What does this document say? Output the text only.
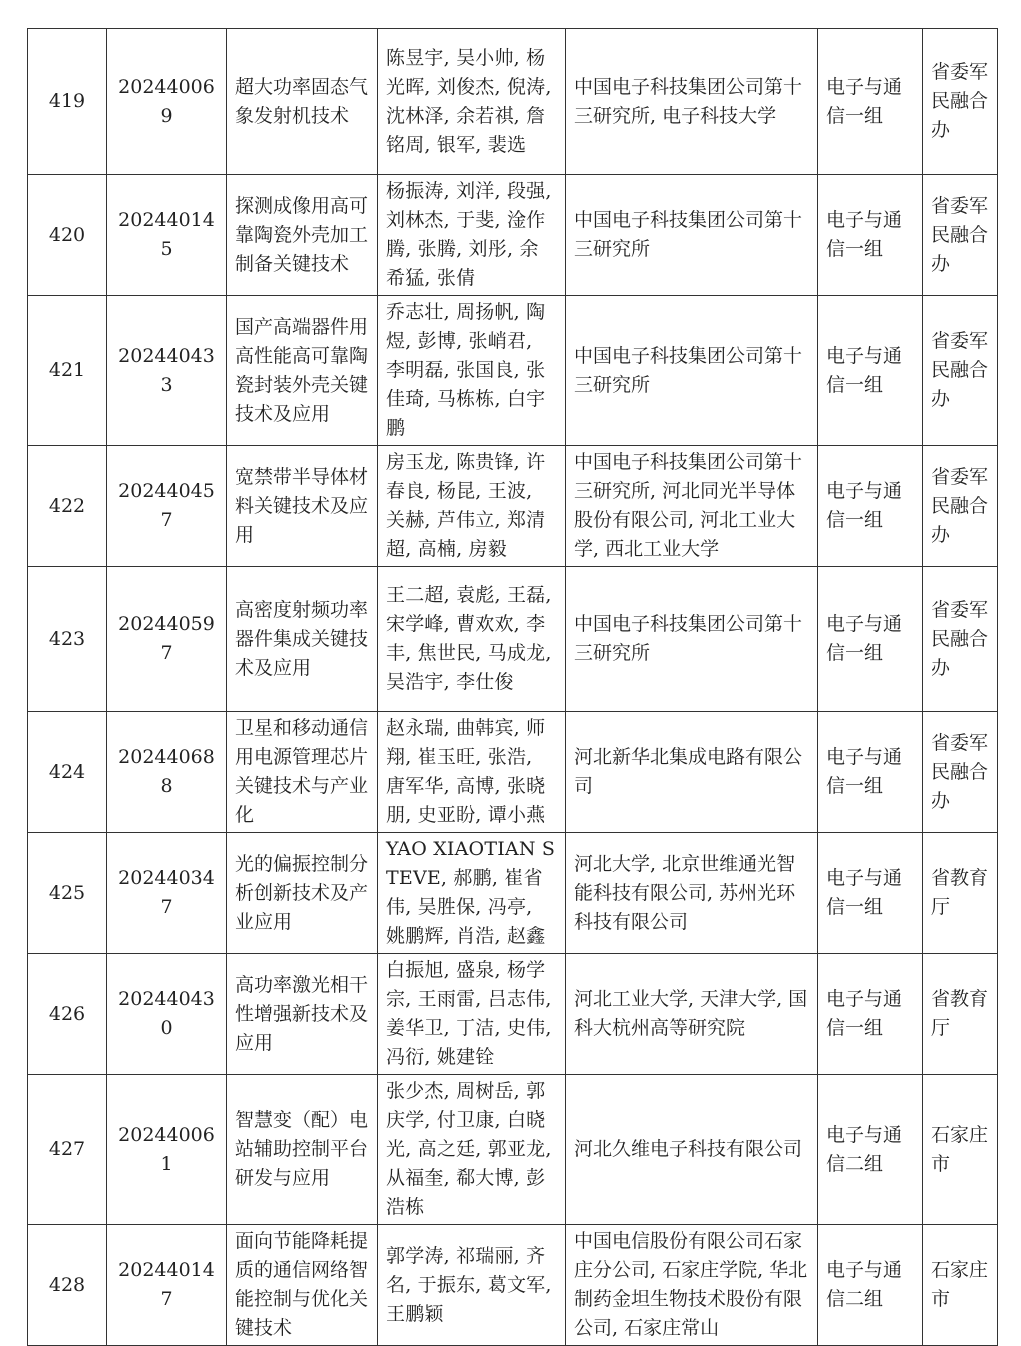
419	202440069	超大功率固态气象发射机技术	陈昱宇, 吴小帅, 杨光晖, 刘俊杰, 倪涛, 沈林泽, 余若祺, 詹铭周, 银军, 裴选	中国电子科技集团公司第十三研究所, 电子科技大学	电子与通信一组	省委军民融合办
420	202440145	探测成像用高可靠陶瓷外壳加工制备关键技术	杨振涛, 刘洋, 段强, 刘林杰, 于斐, 淦作腾, 张腾, 刘彤, 余希猛, 张倩	中国电子科技集团公司第十三研究所	电子与通信一组	省委军民融合办
421	202440433	国产高端器件用高性能高可靠陶瓷封装外壳关键技术及应用	乔志壮, 周扬帆, 陶煜, 彭博, 张峭君, 李明磊, 张国良, 张佳琦, 马栋栋, 白宇鹏	中国电子科技集团公司第十三研究所	电子与通信一组	省委军民融合办
422	202440457	宽禁带半导体材料关键技术及应用	房玉龙, 陈贵锋, 许春良, 杨昆, 王波, 关赫, 芦伟立, 郑清超, 高楠, 房毅	中国电子科技集团公司第十三研究所, 河北同光半导体股份有限公司, 河北工业大学, 西北工业大学	电子与通信一组	省委军民融合办
423	202440597	高密度射频功率器件集成关键技术及应用	王二超, 袁彪, 王磊, 宋学峰, 曹欢欢, 李丰, 焦世民, 马成龙, 吴浩宇, 李仕俊	中国电子科技集团公司第十三研究所	电子与通信一组	省委军民融合办
424	202440688	卫星和移动通信用电源管理芯片关键技术与产业化	赵永瑞, 曲韩宾, 师翔, 崔玉旺, 张浩, 唐军华, 高博, 张晓朋, 史亚盼, 谭小燕	河北新华北集成电路有限公司	电子与通信一组	省委军民融合办
425	202440347	光的偏振控制分析创新技术及产业应用	YAO XIAOTIAN STEVE, 郝鹏, 崔省伟, 吴胜保, 冯亭, 姚鹏辉, 肖浩, 赵鑫	河北大学, 北京世维通光智能科技有限公司, 苏州光环科技有限公司	电子与通信一组	省教育厅
426	202440430	高功率激光相干性增强新技术及应用	白振旭, 盛泉, 杨学宗, 王雨雷, 吕志伟, 姜华卫, 丁洁, 史伟, 冯衍, 姚建铨	河北工业大学, 天津大学, 国科大杭州高等研究院	电子与通信一组	省教育厅
427	202440061	智慧变（配）电站辅助控制平台研发与应用	张少杰, 周树岳, 郭庆学, 付卫康, 白晓光, 高之廷, 郭亚龙, 从福奎, 郗大博, 彭浩栋	河北久维电子科技有限公司	电子与通信二组	石家庄市
428	202440147	面向节能降耗提质的通信网络智能控制与优化关键技术	郭学涛, 祁瑞丽, 齐名, 于振东, 葛文军, 王鹏颖	中国电信股份有限公司石家庄分公司, 石家庄学院, 华北制药金坦生物技术股份有限公司, 石家庄常山	电子与通信二组	石家庄市
